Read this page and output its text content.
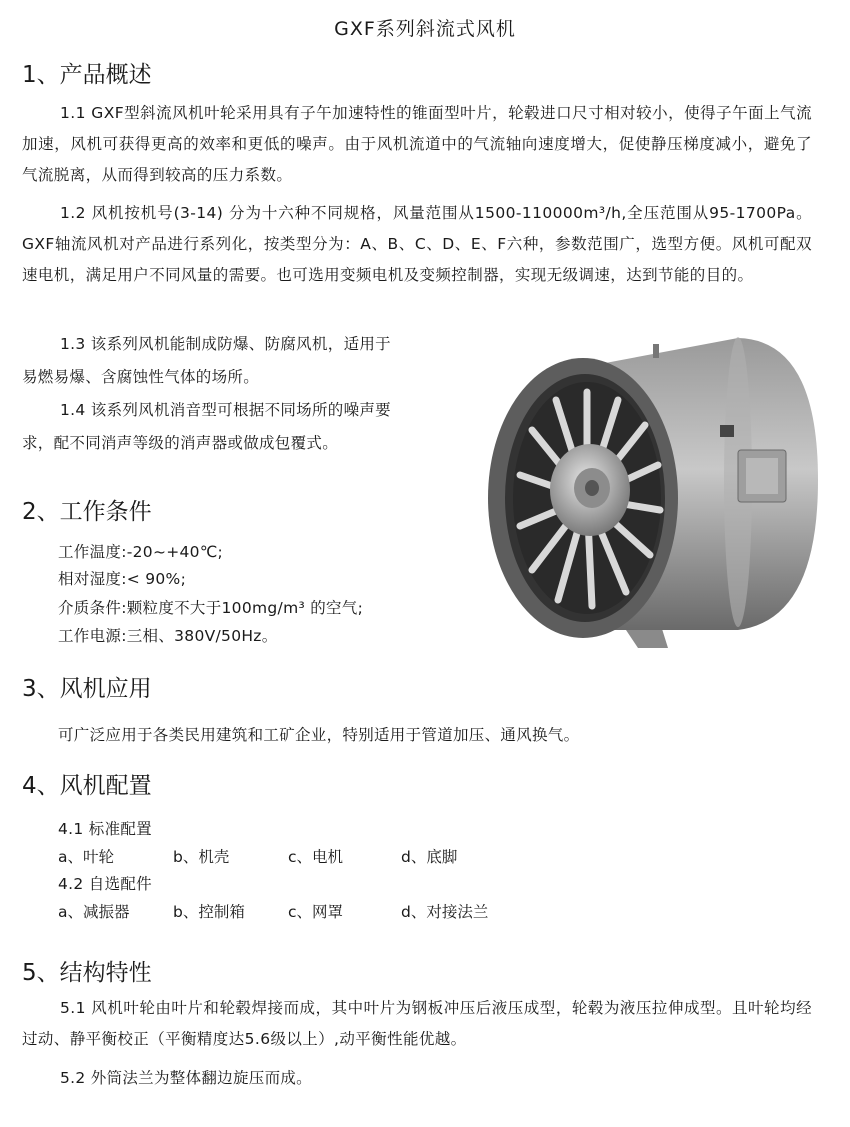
GXF系列斜流式风机
1、产品概述
1.1 GXF型斜流风机叶轮采用具有子午加速特性的锥面型叶片，轮毂进口尺寸相对较小，使得子午面上气流加速，风机可获得更高的效率和更低的噪声。由于风机流道中的气流轴向速度增大，促使静压梯度减小，避免了气流脱离，从而得到较高的压力系数。
1.2 风机按机号(3-14) 分为十六种不同规格，风量范围从1500-110000m³/h,全压范围从95-1700Pa。GXF轴流风机对产品进行系列化，按类型分为：A、B、C、D、E、F六种，参数范围广，选型方便。风机可配双速电机，满足用户不同风量的需要。也可选用变频电机及变频控制器，实现无级调速，达到节能的目的。
1.3 该系列风机能制成防爆、防腐风机，适用于
易燃易爆、含腐蚀性气体的场所。
1.4 该系列风机消音型可根据不同场所的噪声要
求，配不同消声等级的消声器或做成包覆式。
2、工作条件
工作温度:-20~+40℃;
相对湿度:< 90%;
介质条件:颗粒度不大于100mg/m³ 的空气;
工作电源:三相、380V/50Hz。
3、风机应用
可广泛应用于各类民用建筑和工矿企业，特别适用于管道加压、通风换气。
4、风机配置
4.1 标准配置
a、叶轮	b、机壳	c、电机	d、底脚
4.2 自选配件
a、减振器	b、控制箱	c、网罩	d、对接法兰
5、结构特性
5.1 风机叶轮由叶片和轮毂焊接而成，其中叶片为钢板冲压后液压成型，轮毂为液压拉伸成型。且叶轮均经过动、静平衡校正（平衡精度达5.6级以上）,动平衡性能优越。
5.2 外筒法兰为整体翻边旋压而成。
